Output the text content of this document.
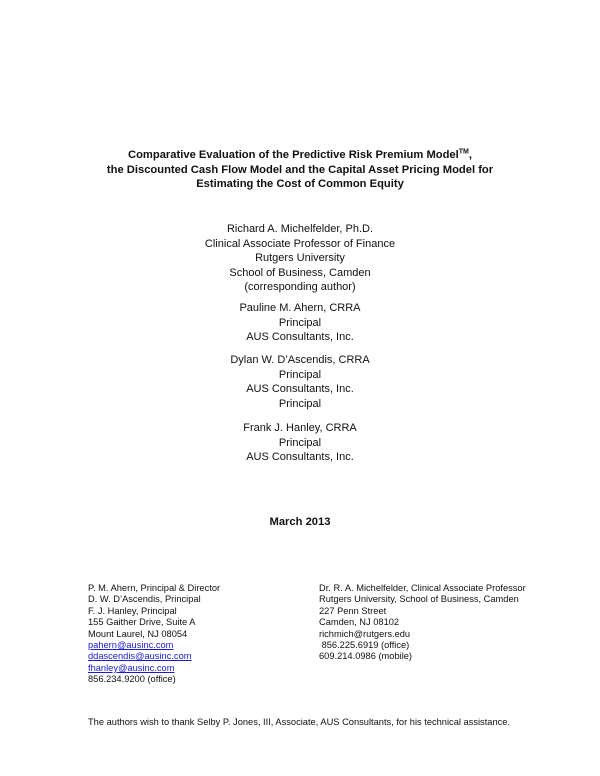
Comparative Evaluation of the Predictive Risk Premium Model™,
the Discounted Cash Flow Model and the Capital Asset Pricing Model for
Estimating the Cost of Common Equity
Richard A. Michelfelder, Ph.D.
Clinical Associate Professor of Finance
Rutgers University
School of Business, Camden
(corresponding author)
Pauline M. Ahern, CRRA
Principal
AUS Consultants, Inc.
Dylan W. D’Ascendis, CRRA
Principal
AUS Consultants, Inc.
Principal
Frank J. Hanley, CRRA
Principal
AUS Consultants, Inc.
March 2013
P. M. Ahern, Principal & Director
D. W. D’Ascendis, Principal
F. J. Hanley, Principal
155 Gaither Drive, Suite A
Mount Laurel, NJ 08054
pahern@ausinc.com
ddascendis@ausinc.com
fhanley@ausinc.com
856.234.9200 (office)
Dr. R. A. Michelfelder, Clinical Associate Professor
Rutgers University, School of Business, Camden
227 Penn Street
Camden, NJ 08102
richmich@rutgers.edu
856.225.6919 (office)
609.214.0986 (mobile)
The authors wish to thank Selby P. Jones, III, Associate, AUS Consultants, for his technical assistance.
